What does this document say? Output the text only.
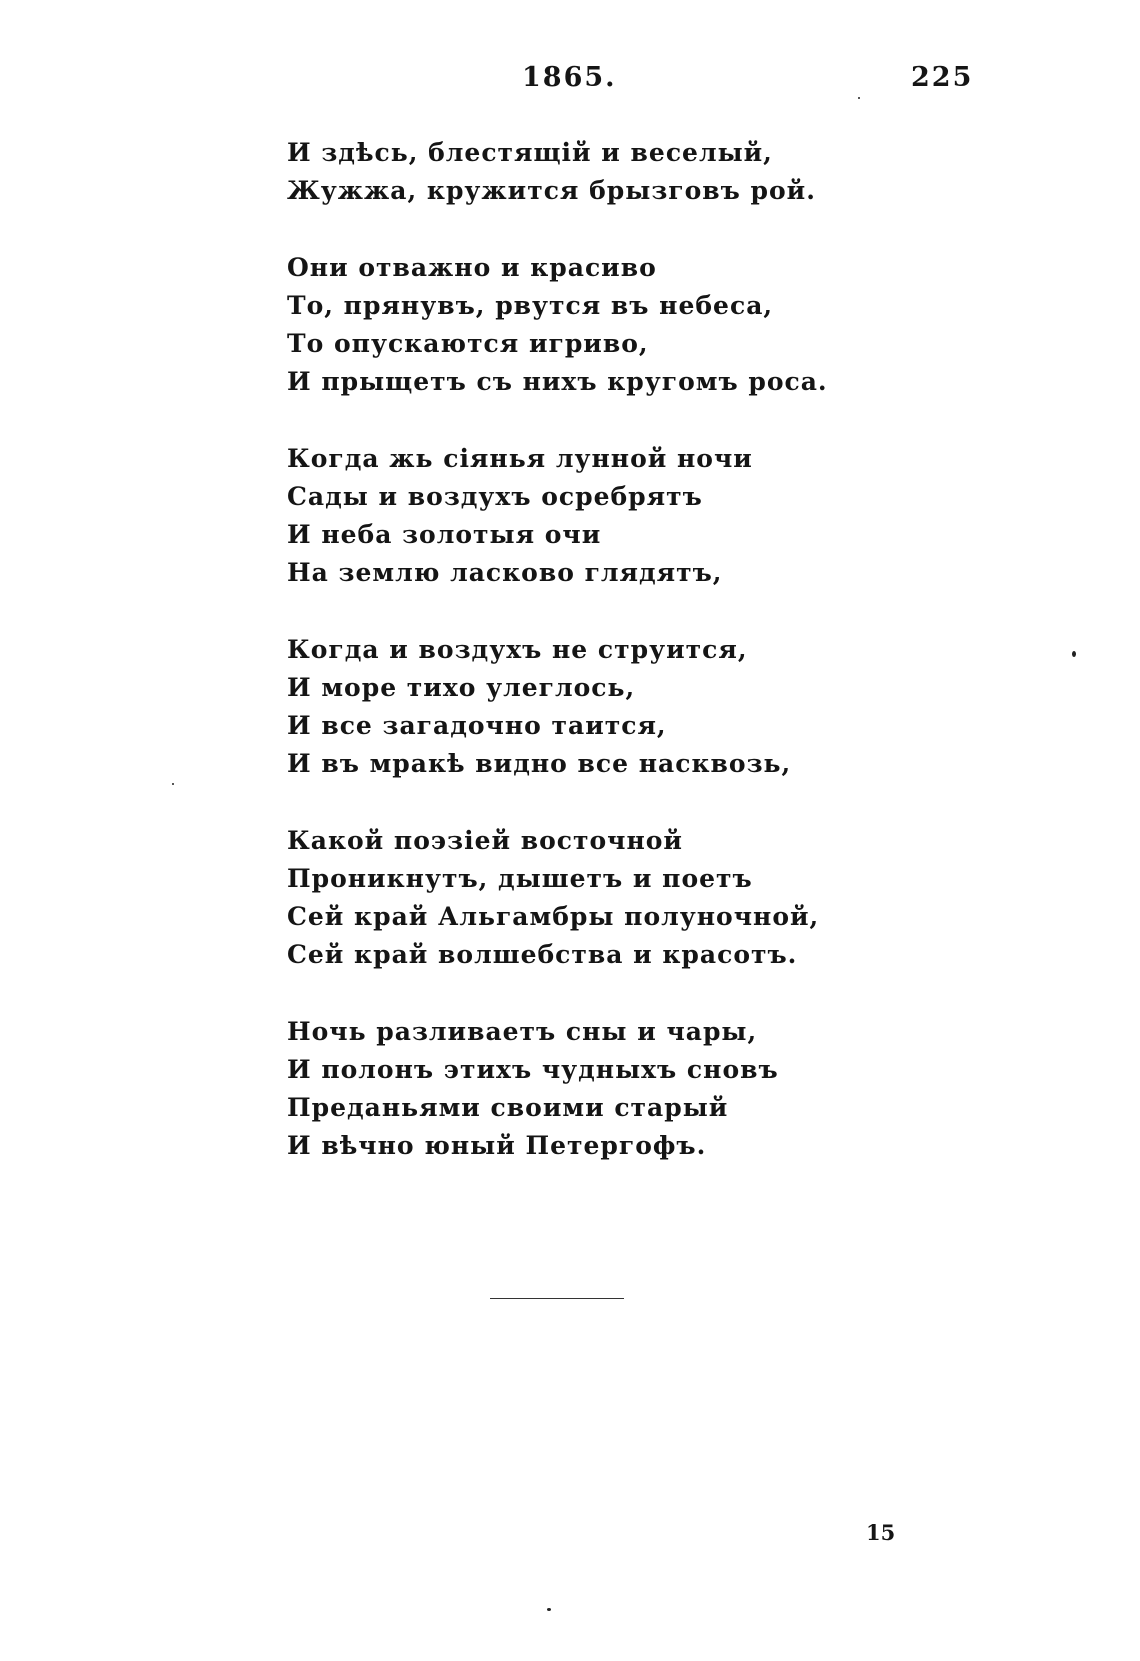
1865.	225
И здѣсь, блестящій и веселый,
Жужжа, кружится брызговъ рой.
Они отважно и красиво
То, прянувъ, рвутся въ небеса,
То опускаются игриво,
И прыщетъ съ нихъ кругомъ роса.
Когда жь сіянья лунной ночи
Сады и воздухъ осребрятъ
И неба золотыя очи
На землю ласково глядятъ,
Когда и воздухъ не струится,
И море тихо улеглось,
И все загадочно таится,
И въ мракѣ видно все насквозь,
Какой поэзіей восточной
Проникнутъ, дышетъ и поетъ
Сей край Альгамбры полуночной,
Сей край волшебства и красотъ.
Ночь разливаетъ сны и чары,
И полонъ этихъ чудныхъ сновъ
Преданьями своими старый
И вѣчно юный Петергофъ.
15
